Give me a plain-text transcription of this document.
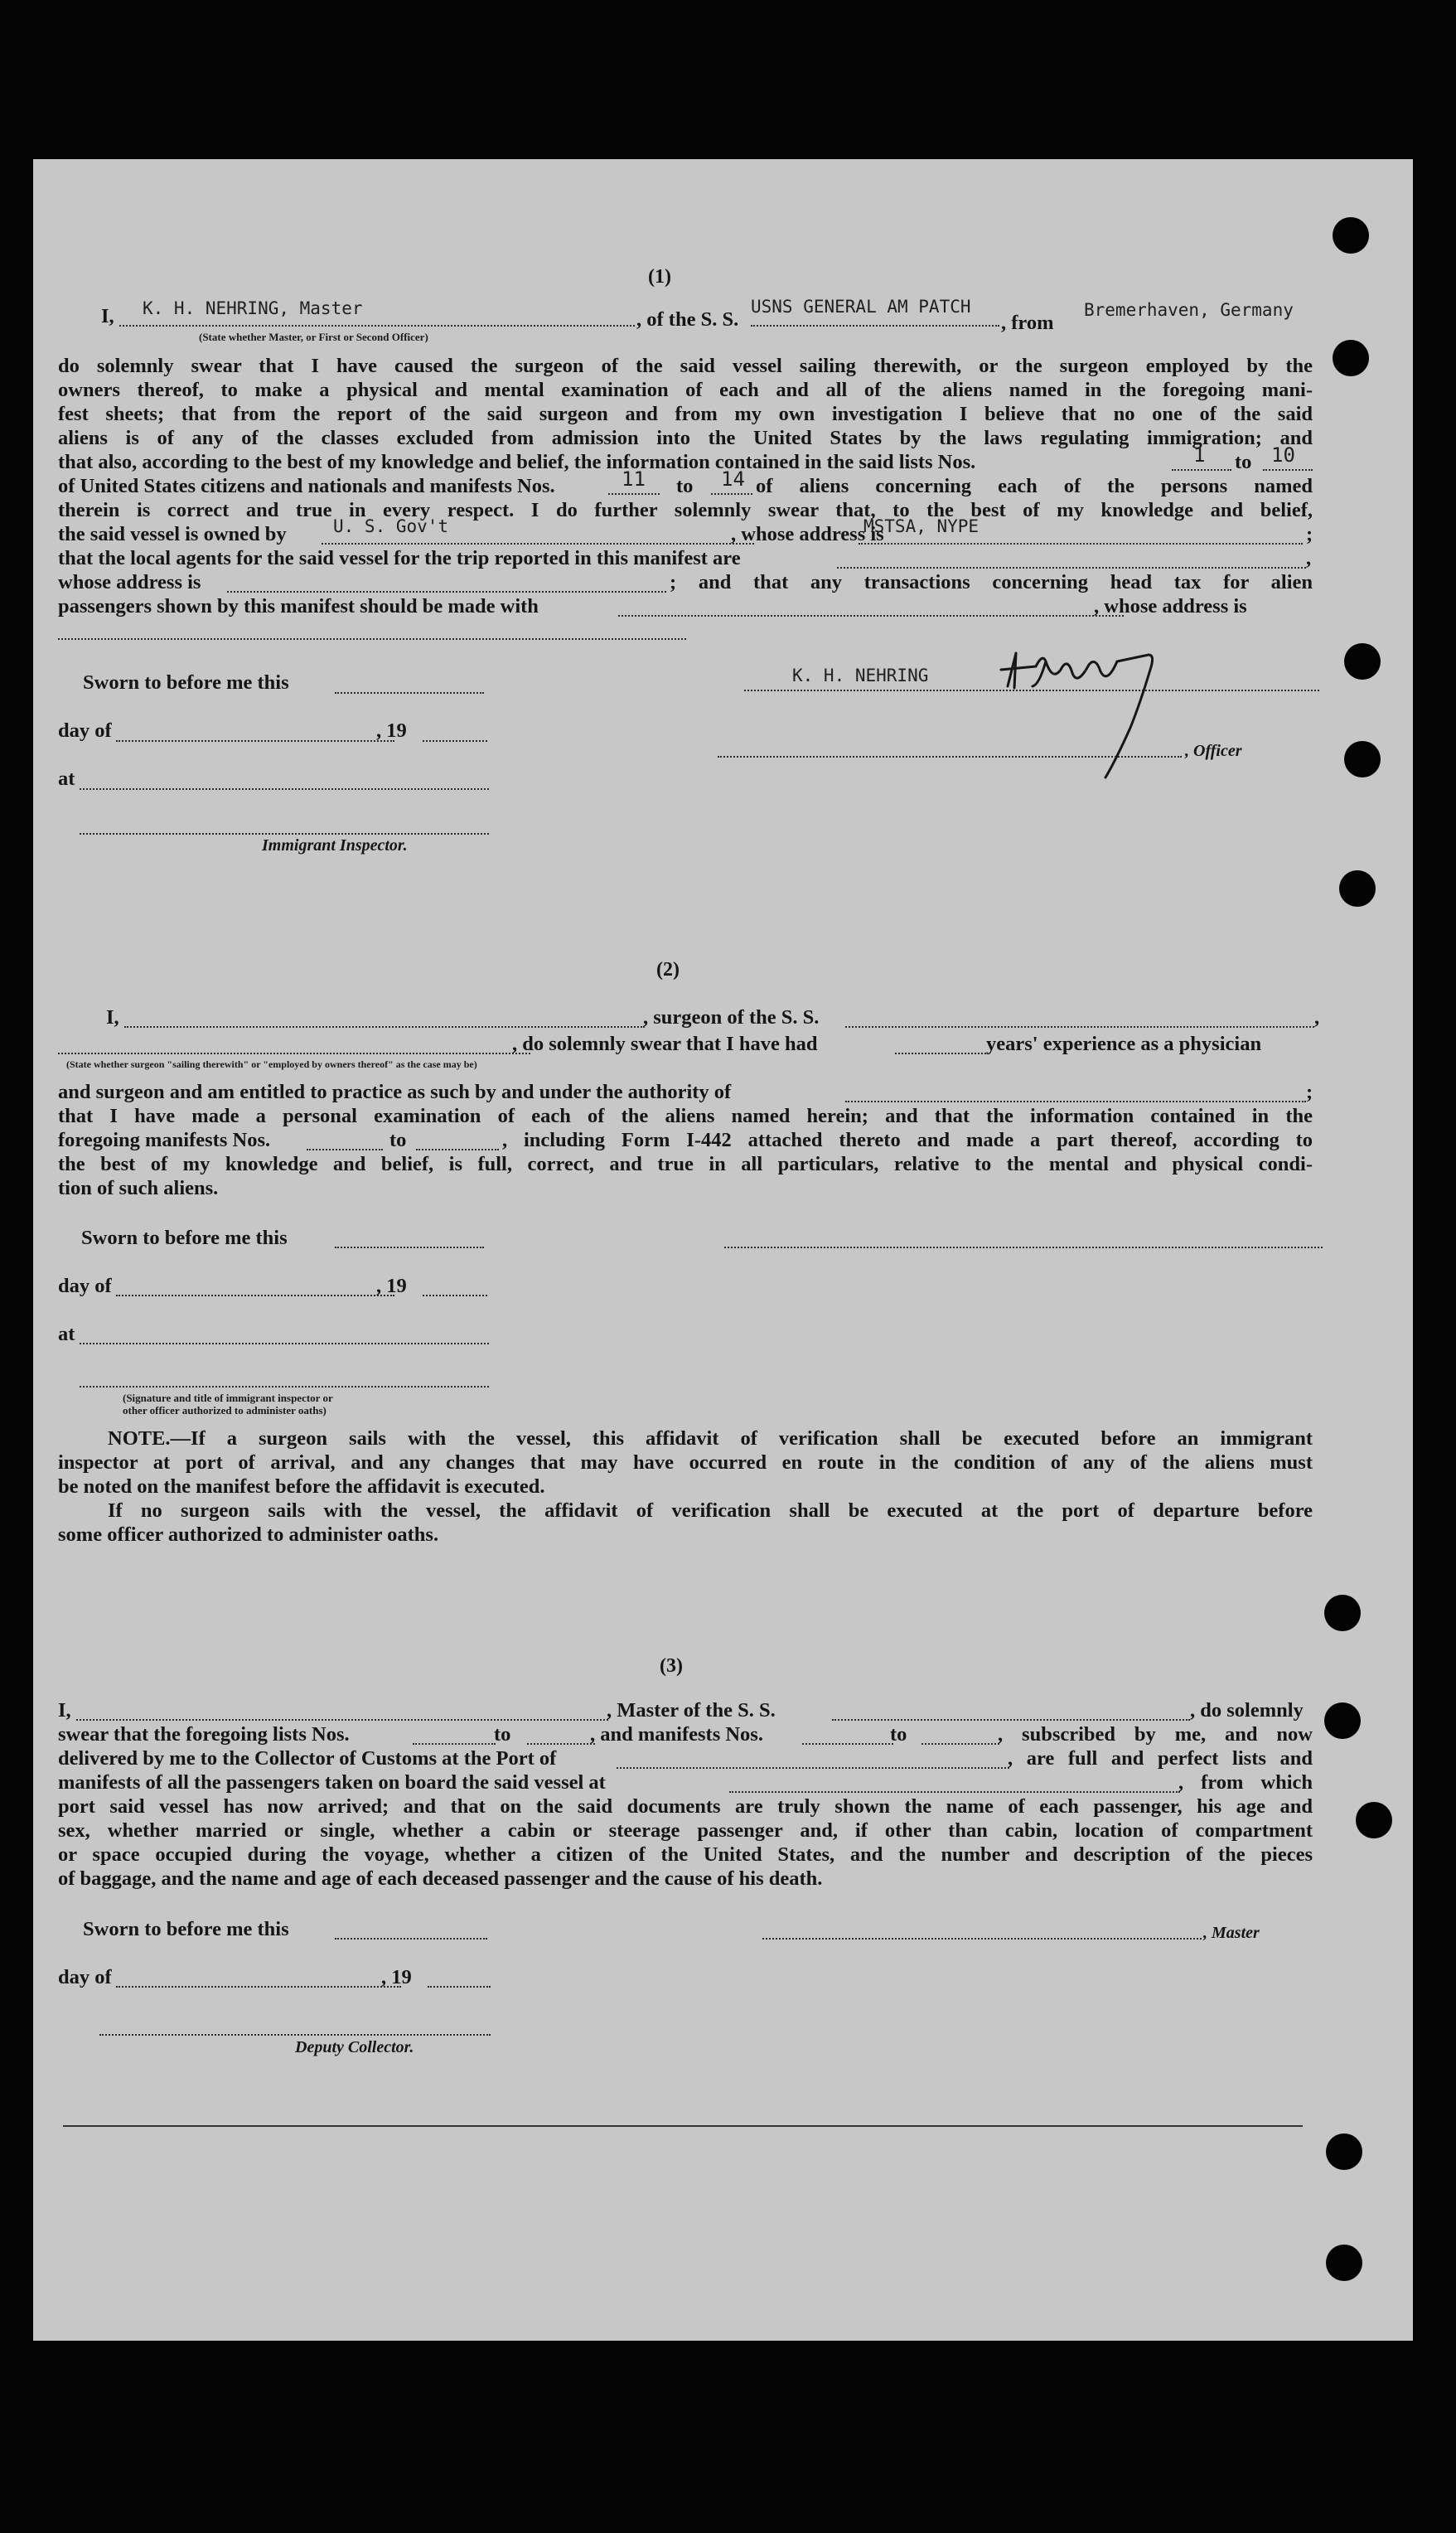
(1)
I, K. H. NEHRING, Master	, of the S. S.
USNS GENERAL AM PATCH
, from
Bremerhaven, Germany
(State whether Master, or First or Second Officer)
do solemnly swear that I have caused the surgeon of the said vessel sailing therewith, or the surgeon employed by the
owners thereof, to make a physical and mental examination of each and all of the aliens named in the foregoing mani-
fest sheets; that from the report of the said surgeon and from my own investigation I believe that no one of the said
aliens is of any of the classes excluded from admission into the United States by the laws regulating immigration; and
that also, according to the best of my knowledge and belief, the information contained in the said lists Nos.	1 to 10
of United States citizens and nationals and manifests Nos.	11 to 14 of aliens concerning each of the persons named
therein is correct and true in every respect. I do further solemnly swear that, to the best of my knowledge and belief,
the said vessel is owned by	U. S. Gov't	, whose address is
MSTSA, NYPE	;
that the local agents for the said vessel for the trip reported in this manifest are	,
whose address is	; and that any transactions concerning head tax for alien
passengers shown by this manifest should be made with	, whose address is
Sworn to before me this
day of	, 19
at
Immigrant Inspector.
K. H. NEHRING
, Officer
(2)
I,	, surgeon of the S. S.	,
, do solemnly swear that I have had	years' experience as a physician
(State whether surgeon "sailing therewith" or "employed by owners thereof" as the case may be)
and surgeon and am entitled to practice as such by and under the authority of	;
that I have made a personal examination of each of the aliens named herein; and that the information contained in the
foregoing manifests Nos.	to	, including Form I-442 attached thereto and made a part thereof, according to
the best of my knowledge and belief, is full, correct, and true in all particulars, relative to the mental and physical condi-
tion of such aliens.
Sworn to before me this
day of	, 19
at
(Signature and title of immigrant inspector or
other officer authorized to administer oaths)
NOTE.—If a surgeon sails with the vessel, this affidavit of verification shall be executed before an immigrant
inspector at port of arrival, and any changes that may have occurred en route in the condition of any of the aliens must
be noted on the manifest before the affidavit is executed.
If no surgeon sails with the vessel, the affidavit of verification shall be executed at the port of departure before
some officer authorized to administer oaths.
(3)
I,	, Master of the S. S.	, do solemnly
swear that the foregoing lists Nos.	to	, and manifests Nos.	to	, subscribed by me, and now
delivered by me to the Collector of Customs at the Port of	, are full and perfect lists and
manifests of all the passengers taken on board the said vessel at	, from which
port said vessel has now arrived; and that on the said documents are truly shown the name of each passenger, his age and
sex, whether married or single, whether a cabin or steerage passenger and, if other than cabin, location of compartment
or space occupied during the voyage, whether a citizen of the United States, and the number and description of the pieces
of baggage, and the name and age of each deceased passenger and the cause of his death.
Sworn to before me this	, Master
day of	, 19
Deputy Collector.
